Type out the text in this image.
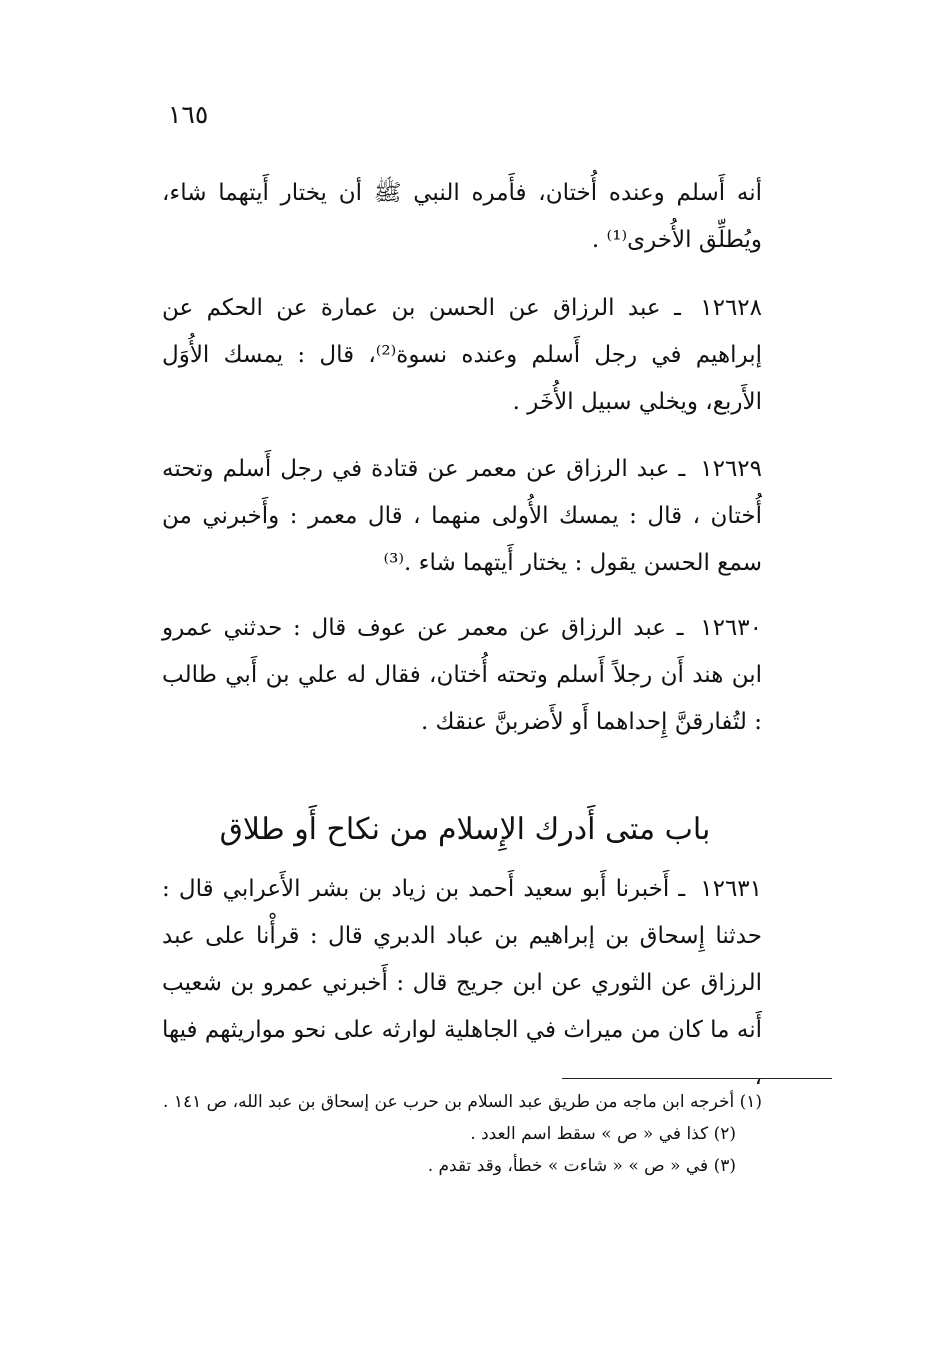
١٦٥

أنه أَسلم وعنده أُختان، فأَمره النبي ﷺ أن يختار أَيتهما شاء، ويُطلِّق الأُخرى⁽¹⁾ .

١٢٦٢٨ ـ عبد الرزاق عن الحسن بن عمارة عن الحكم عن إبراهيم في رجل أَسلم وعنده نسوة⁽²⁾، قال : يمسك الأُوَل الأَربع، ويخلي سبيل الأُخَر .

١٢٦٢٩ ـ عبد الرزاق عن معمر عن قتادة في رجل أَسلم وتحته أُختان ، قال : يمسك الأُولى منهما ، قال معمر : وأَخبرني من سمع الحسن يقول : يختار أَيتهما شاء .⁽³⁾

١٢٦٣٠ ـ عبد الرزاق عن معمر عن عوف قال : حدثني عمرو ابن هند أَن رجلاً أَسلم وتحته أُختان، فقال له علي بن أَبي طالب : لتُفارقنَّ إِحداهما أَو لأَضربنَّ عنقك .

باب متى أَدرك الإِسلام من نكاح أَو طلاق

١٢٦٣١ ـ أَخبرنا أَبو سعيد أَحمد بن زياد بن بشر الأَعرابي قال : حدثنا إِسحاق بن إبراهيم بن عباد الدبري قال : قرأْنا على عبد الرزاق عن الثوري عن ابن جريج قال : أَخبرني عمرو بن شعيب أَنه ما كان من ميراث في الجاهلية لوارثه على نحو مواريثهم فيها ،

(١) أخرجه ابن ماجه من طريق عبد السلام بن حرب عن إسحاق بن عبد الله، ص ١٤١ .

(٢) كذا في « ص » سقط اسم العدد .

(٣) في « ص » « شاءت » خطأ، وقد تقدم .
